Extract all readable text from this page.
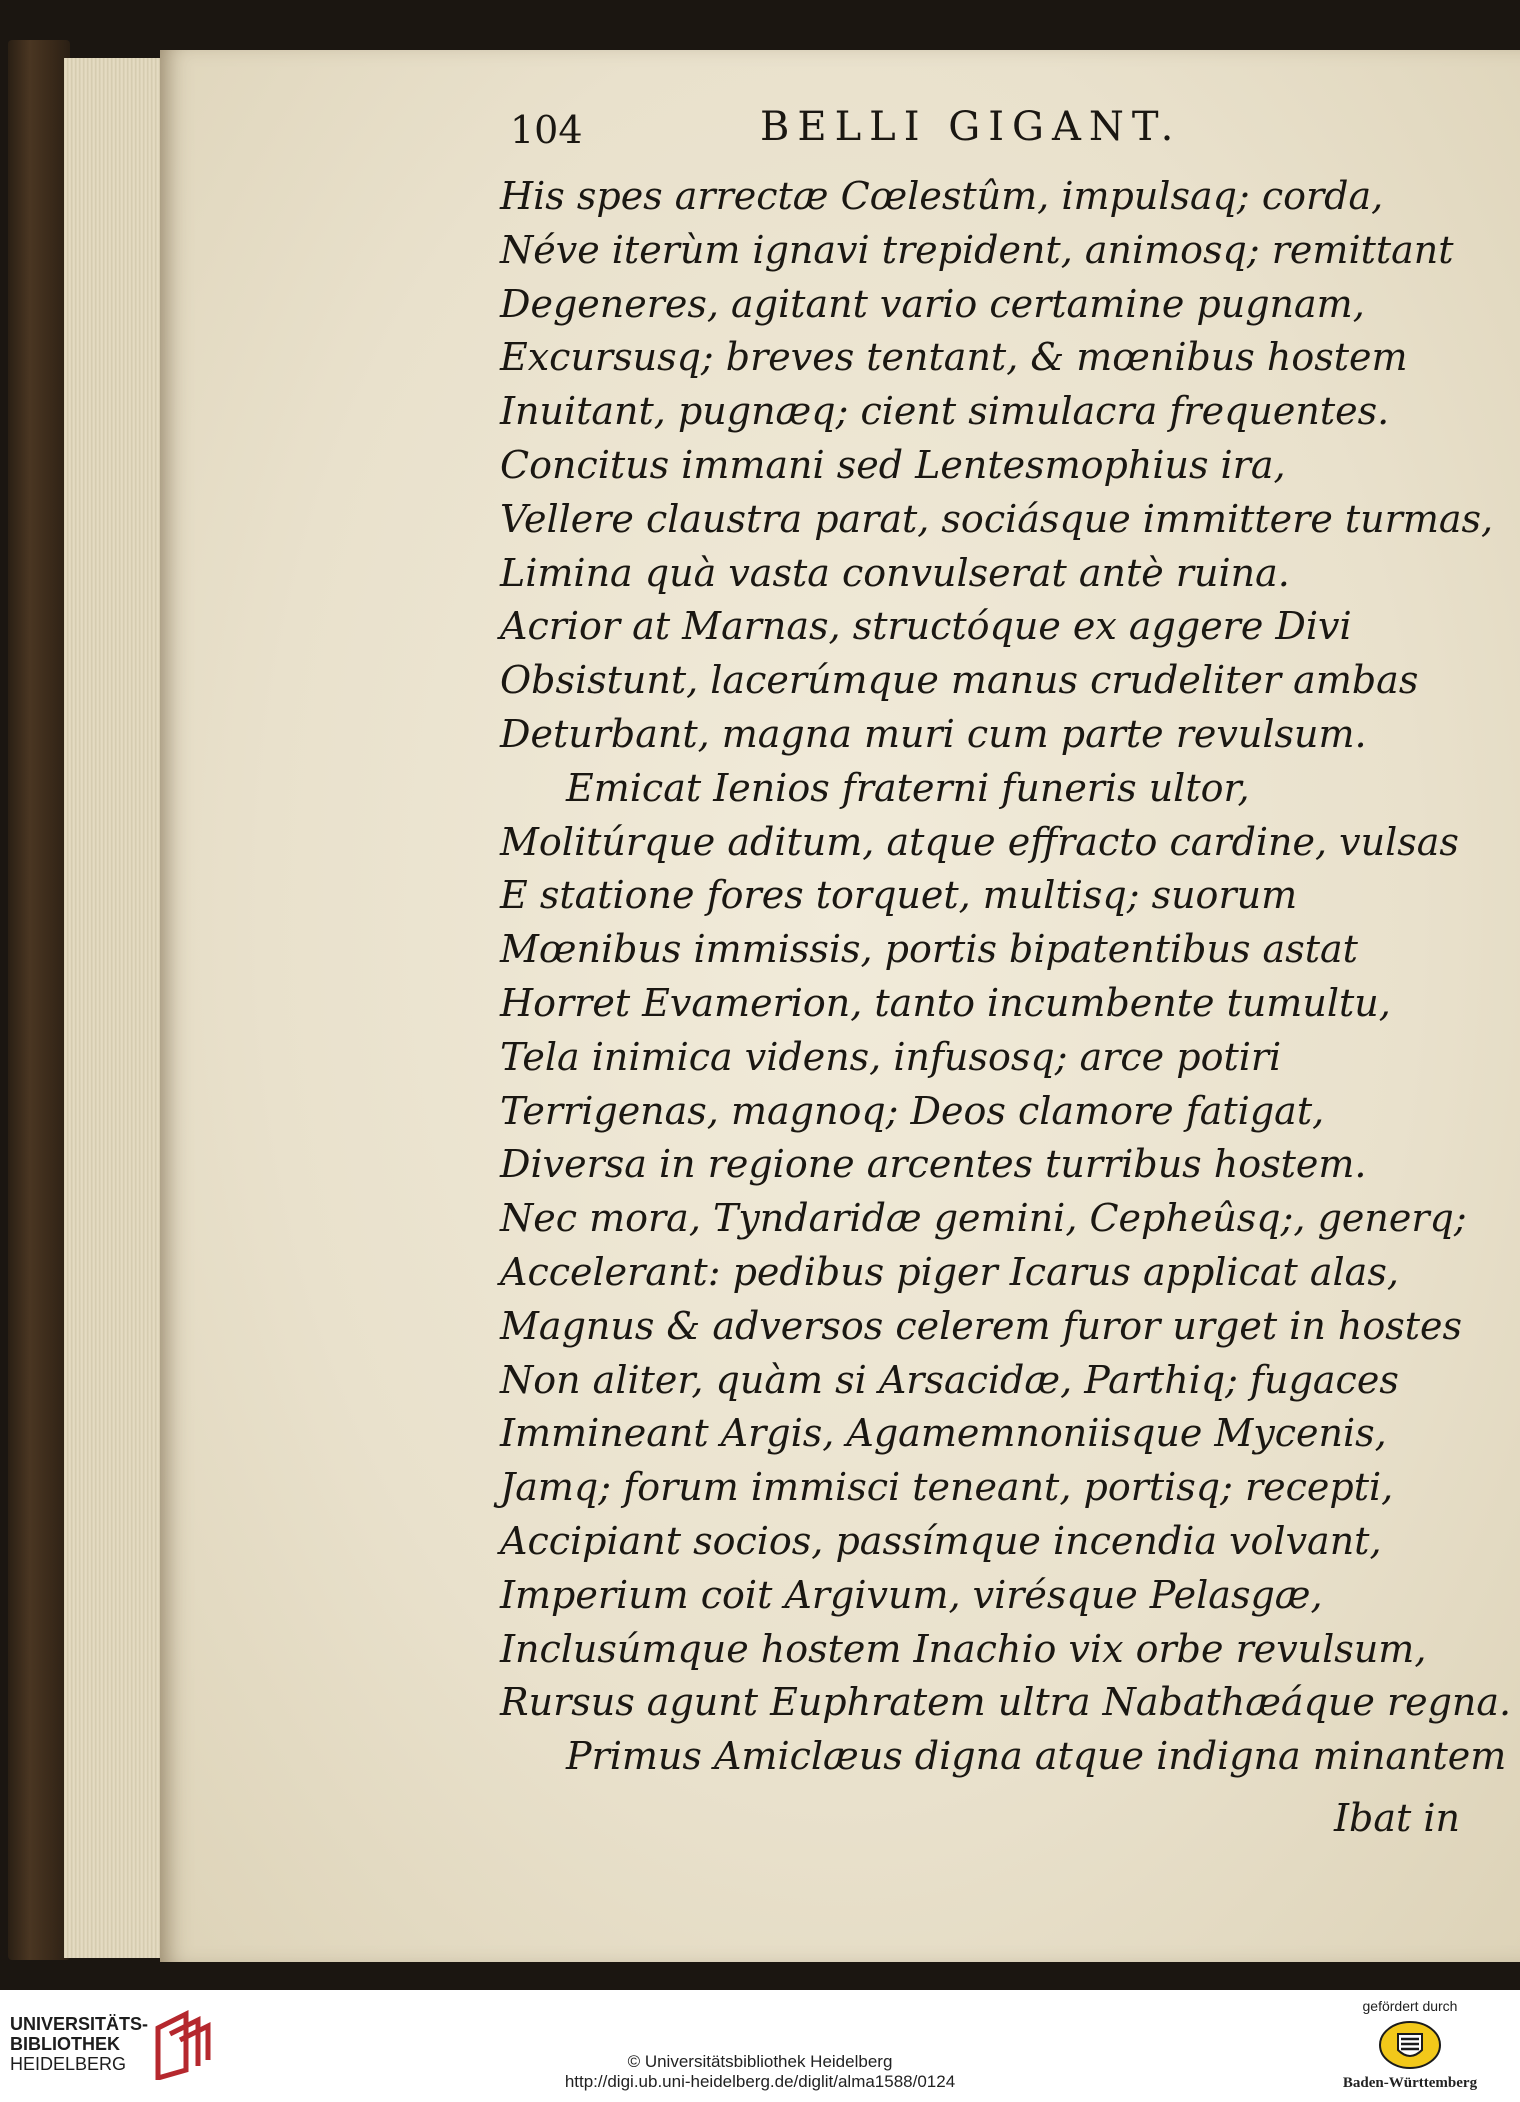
104	BELLI GIGANT.
His spes arrectæ Cœlestûm, impulsaq; corda,
Néve iterùm ignavi trepident, animosq; remittant
Degeneres, agitant vario certamine pugnam,
Excursusq; breves tentant, & mœnibus hostem
Inuitant, pugnæq; cient simulacra frequentes.
Concitus immani sed Lentesmophius ira,
Vellere claustra parat, sociásque immittere turmas,
Limina quà vasta convulserat antè ruina.
Acrior at Marnas, structóque ex aggere Divi
Obsistunt, lacerúmque manus crudeliter ambas
Deturbant, magna muri cum parte revulsum.
Emicat Ienios fraterni funeris ultor,
Molitúrque aditum, atque effracto cardine, vulsas
E statione fores torquet, multisq; suorum
Mœnibus immissis, portis bipatentibus astat
Horret Evamerion, tanto incumbente tumultu,
Tela inimica videns, infusosq; arce potiri
Terrigenas, magnoq; Deos clamore fatigat,
Diversa in regione arcentes turribus hostem.
Nec mora, Tyndaridæ gemini, Cepheûsq;, generq;
Accelerant: pedibus piger Icarus applicat alas,
Magnus & adversos celerem furor urget in hostes
Non aliter, quàm si Arsacidæ, Parthiq; fugaces
Immineant Argis, Agamemnoniisque Mycenis,
Jamq; forum immisci teneant, portisq; recepti,
Accipiant socios, passímque incendia volvant,
Imperium coit Argivum, virésque Pelasgæ,
Inclusúmque hostem Inachio vix orbe revulsum,
Rursus agunt Euphratem ultra Nabathæáque regna.
Primus Amiclæus digna atque indigna minantem
Ibat in
UNIVERSITÄTS-
BIBLIOTHEK
HEIDELBERG	© Universitätsbibliothek Heidelberg
http://digi.ub.uni-heidelberg.de/diglit/alma1588/0124
gefördert durch
Baden-Württemberg
